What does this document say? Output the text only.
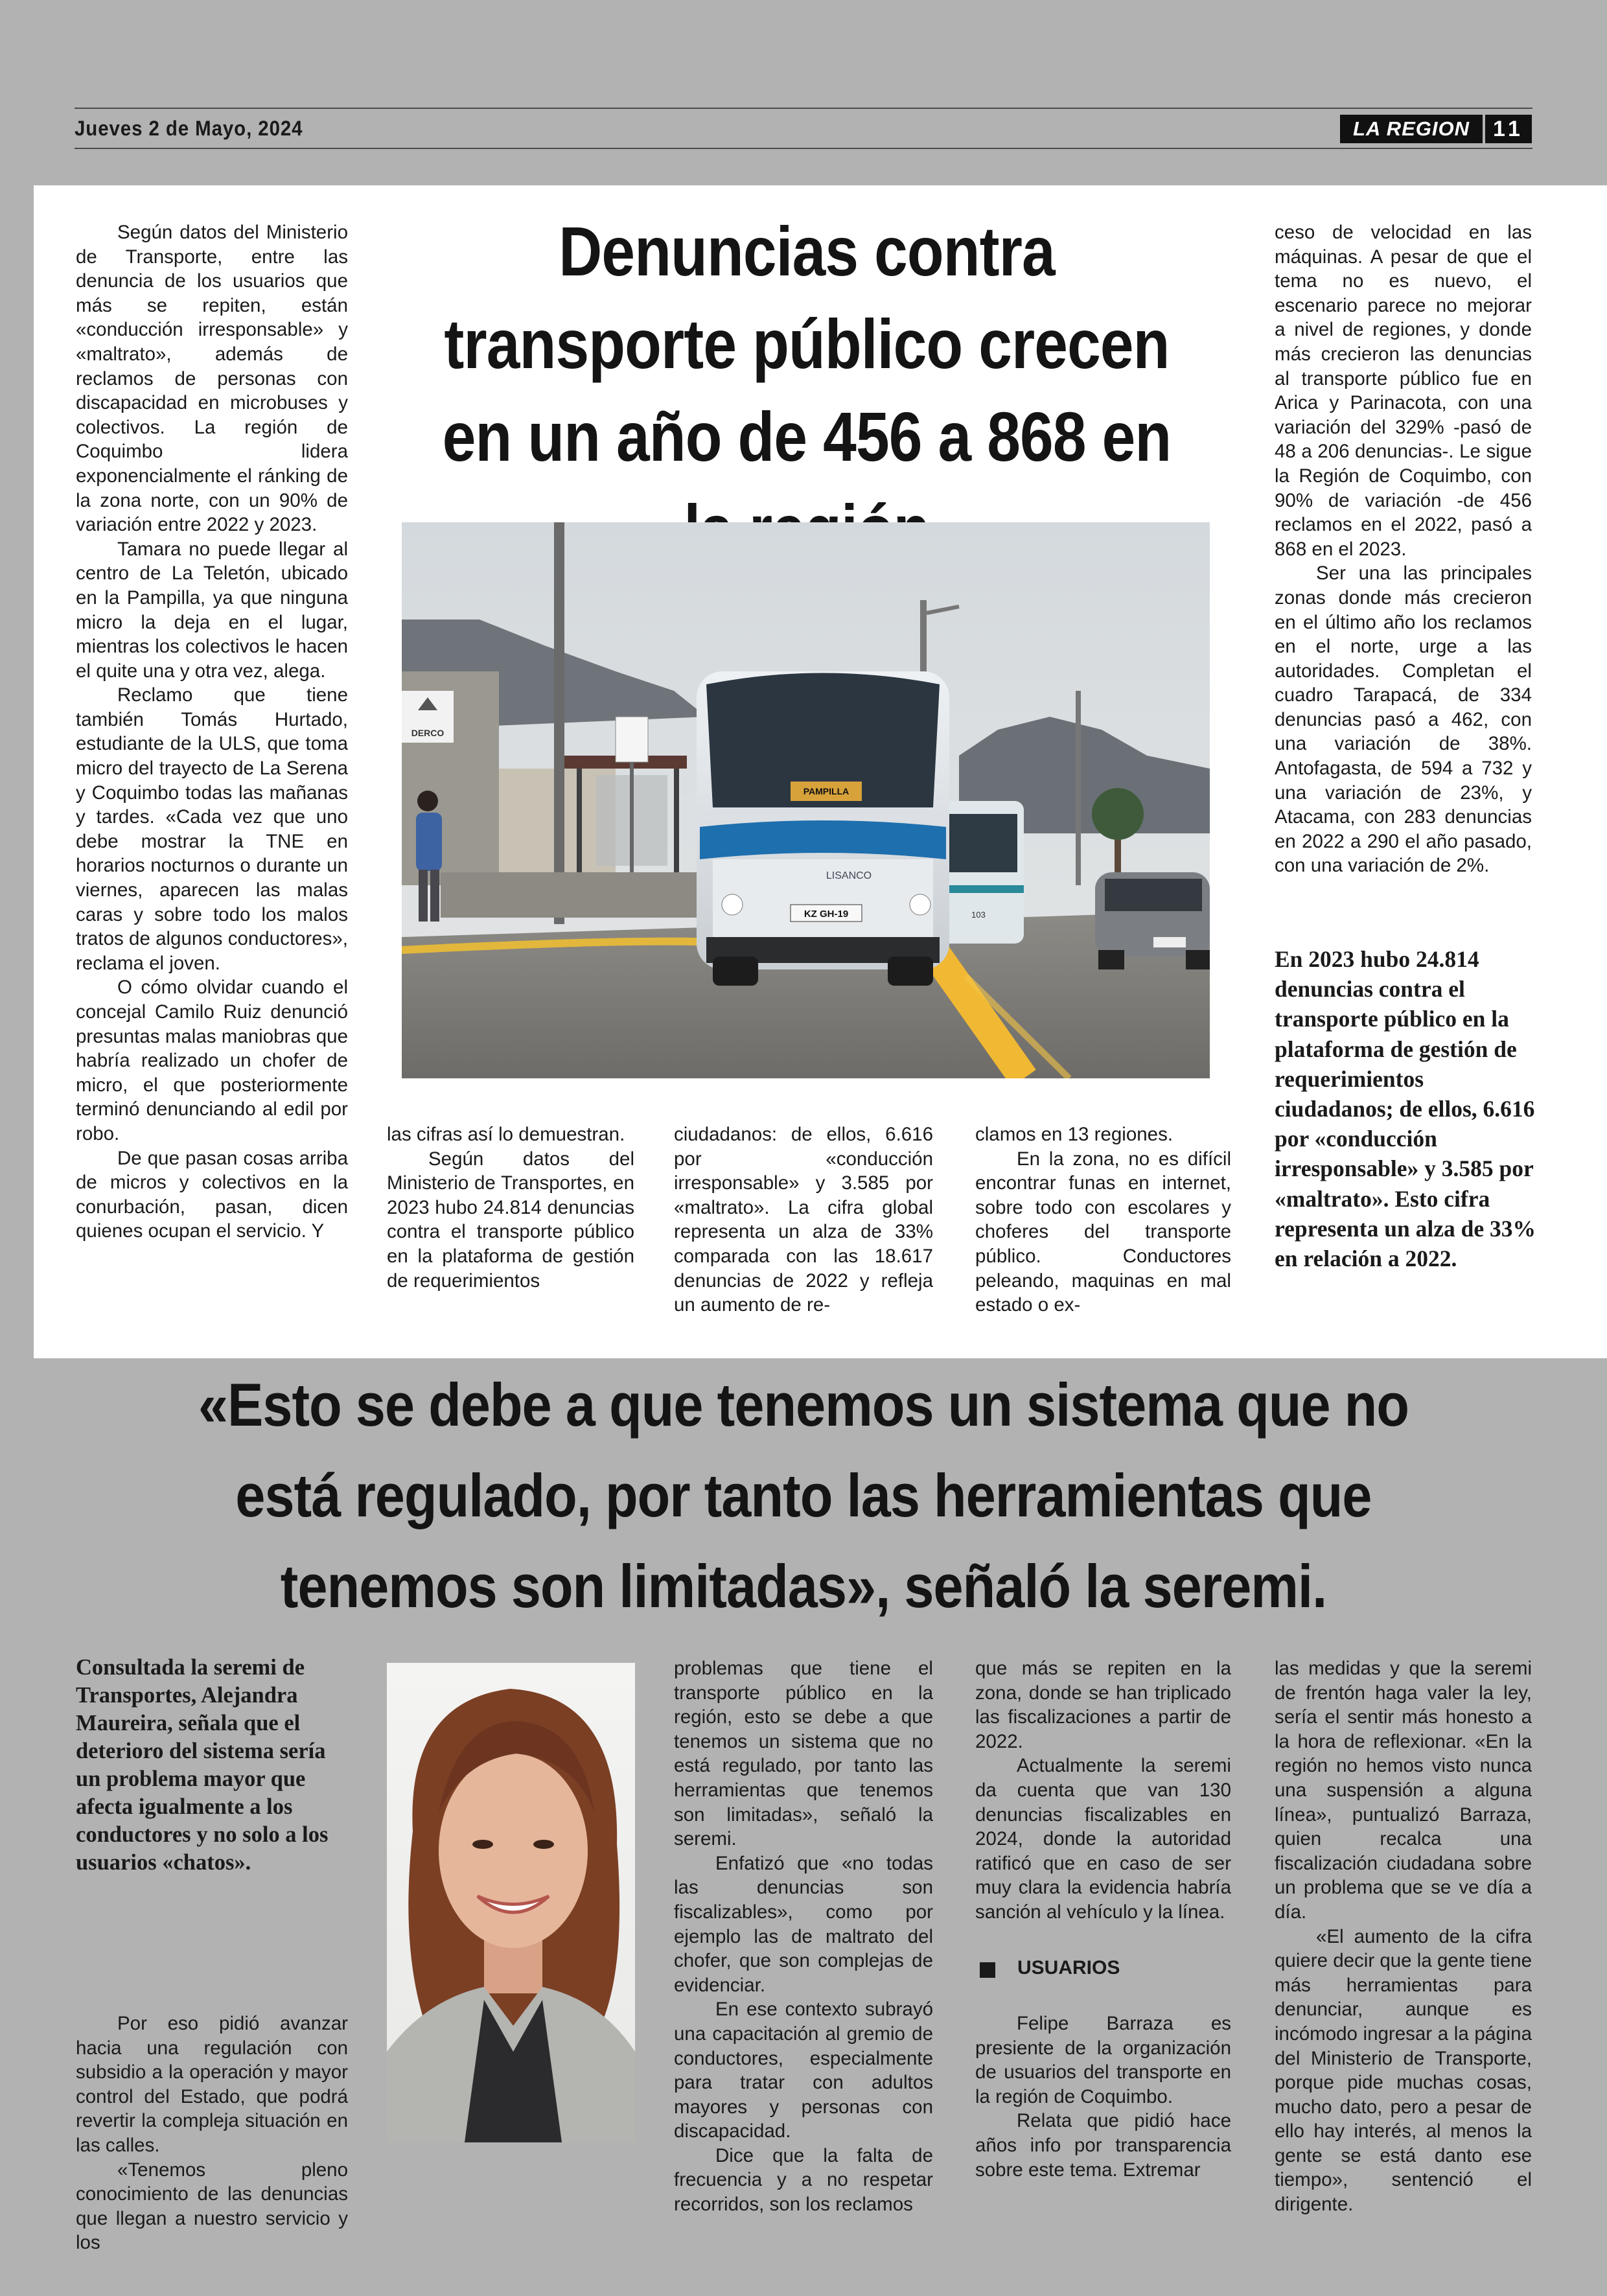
Jueves 2 de Mayo, 2024	LA REGION	11

Según datos del Ministerio de Transporte, entre las denuncia de los usuarios que más se repiten, están «conducción irresponsable» y «maltrato», además de reclamos de personas con discapacidad en microbuses y colectivos. La región de Coquimbo lidera exponencialmente el ránking de la zona norte, con un 90% de variación entre 2022 y 2023.

Tamara no puede llegar al centro de La Teletón, ubicado en la Pampilla, ya que ninguna micro la deja en el lugar, mientras los colectivos le hacen el quite una y otra vez, alega.

Reclamo que tiene también Tomás Hurtado, estudiante de la ULS, que toma micro del trayecto de La Serena y Coquimbo todas las mañanas y tardes. «Cada vez que uno debe mostrar la TNE en horarios nocturnos o durante un viernes, aparecen las malas caras y sobre todo los malos tratos de algunos conductores», reclama el joven.

O cómo olvidar cuando el concejal Camilo Ruiz denunció presuntas malas maniobras que habría realizado un chofer de micro, el que posteriormente terminó denunciando al edil por robo.

De que pasan cosas arriba de micros y colectivos en la conurbación, pasan, dicen quienes ocupan el servicio. Y

Denuncias contra transporte público crecen en un año de 456 a 868 en
DERCO
103
PAMPILLA
LISANCO
KZ GH-19

las cifras así lo demuestran.

Según datos del Ministerio de Transportes, en 2023 hubo 24.814 denuncias contra el transporte público en la plataforma de gestión de requerimientos

ciudadanos: de ellos, 6.616 por «conducción irresponsable» y 3.585 por «maltrato». La cifra global representa un alza de 33% comparada con las 18.617 denuncias de 2022 y refleja un aumento de re-

clamos en 13 regiones.

En la zona, no es difícil encontrar funas en internet, sobre todo con escolares y choferes del transporte público. Conductores peleando, maquinas en mal estado o ex-

ceso de velocidad en las máquinas. A pesar de que el tema no es nuevo, el escenario parece no mejorar a nivel de regiones, y donde más crecieron las denuncias al transporte público fue en Arica y Parinacota, con una variación del 329% -pasó de 48 a 206 denuncias-. Le sigue la Región de Coquimbo, con 90% de variación -de 456 reclamos en el 2022, pasó a 868 en el 2023.

Ser una las principales zonas donde más crecieron en el último año los reclamos en el norte, urge a las autoridades. Completan el cuadro Tarapacá, de 334 denuncias pasó a 462, con una variación de 38%. Antofagasta, de 594 a 732 y una variación de 23%, y Atacama, con 283 denuncias en 2022 a 290 el año pasado, con una variación de 2%.

En 2023 hubo 24.814 denuncias contra el transporte público en la plataforma de gestión de requerimientos ciudadanos; de ellos, 6.616 por «conducción irresponsable» y 3.585 por «maltrato». Esto cifra representa un alza de 33% en relación a 2022.
«Esto se debe a que tenemos un sistema que no está regulado, por tanto las herramientas que tenemos son limitadas», señaló la seremi.
Consultada la seremi de Transportes, Alejandra Maureira, señala que el deterioro del sistema sería un problema mayor que afecta igualmente a los conductores y no solo a los usuarios «chatos».

Por eso pidió avanzar hacia una regulación con subsidio a la operación y mayor control del Estado, que podrá revertir la compleja situación en las calles.

«Tenemos pleno conocimiento de las denuncias que llegan a nuestro servicio y los

problemas que tiene el transporte público en la región, esto se debe a que tenemos un sistema que no está regulado, por tanto las herramientas que tenemos son limitadas», señaló la seremi.

Enfatizó que «no todas las denuncias son fiscalizables», como por ejemplo las de maltrato del chofer, que son complejas de evidenciar.

En ese contexto subrayó una capacitación al gremio de conductores, especialmente para tratar con adultos mayores y personas con discapacidad.

Dice que la falta de frecuencia y a no respetar recorridos, son los reclamos

que más se repiten en la zona, donde se han triplicado las fiscalizaciones a partir de 2022.

Actualmente la seremi da cuenta que van 130 denuncias fiscalizables en 2024, donde la autoridad ratificó que en caso de ser muy clara la evidencia habría sanción al vehículo y la línea.

USUARIOS

Felipe Barraza es presiente de la organización de usuarios del transporte en la región de Coquimbo.

Relata que pidió hace años info por transparencia sobre este tema. Extremar

las medidas y que la seremi de frentón haga valer la ley, sería el sentir más honesto a la hora de reflexionar. «En la región no hemos visto nunca una suspensión a alguna línea», puntualizó Barraza, quien recalca una fiscalización ciudadana sobre un problema que se ve día a día.

«El aumento de la cifra quiere decir que la gente tiene más herramientas para denunciar, aunque es incómodo ingresar a la página del Ministerio de Transporte, porque pide muchas cosas, mucho dato, pero a pesar de ello hay interés, al menos la gente se está danto ese tiempo», sentenció el dirigente.
